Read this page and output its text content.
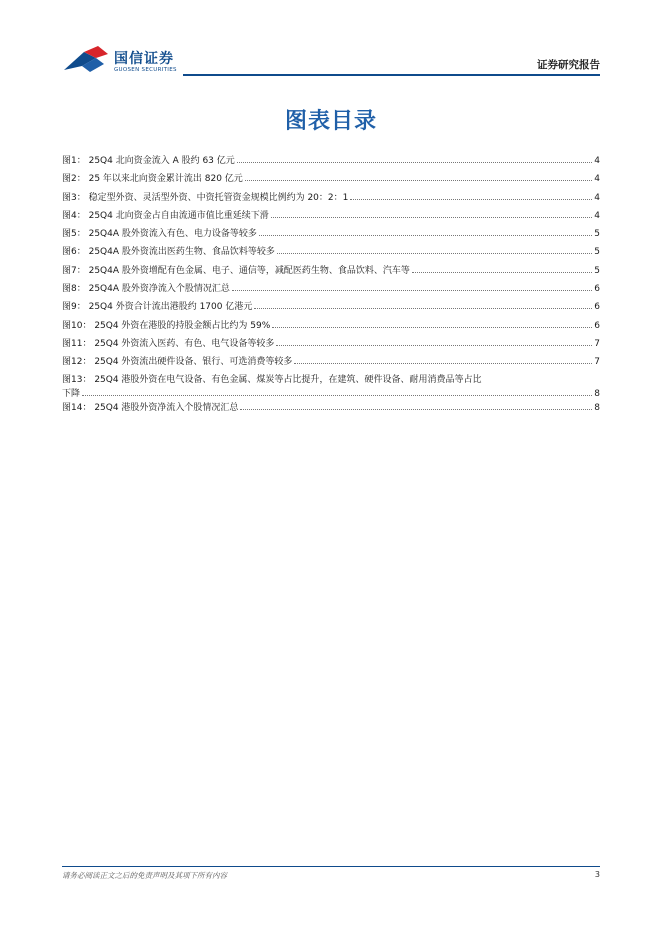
国信证券
GUOSEN SECURITIES	证券研究报告
图表目录
图1： 25Q4 北向资金流入 A 股约 63 亿元	4
图2： 25 年以来北向资金累计流出 820 亿元	4
图3： 稳定型外资、灵活型外资、中资托管资金规模比例约为 20：2：1	4
图4： 25Q4 北向资金占自由流通市值比重延续下滑	4
图5： 25Q4A 股外资流入有色、电力设备等较多	5
图6： 25Q4A 股外资流出医药生物、食品饮料等较多	5
图7： 25Q4A 股外资增配有色金属、电子、通信等，减配医药生物、食品饮料、汽车等	5
图8： 25Q4A 股外资净流入个股情况汇总	6
图9： 25Q4 外资合计流出港股约 1700 亿港元	6
图10： 25Q4 外资在港股的持股金额占比约为 59%	6
图11： 25Q4 外资流入医药、有色、电气设备等较多	7
图12： 25Q4 外资流出硬件设备、银行、可选消费等较多	7
图13： 25Q4 港股外资在电气设备、有色金属、煤炭等占比提升，在建筑、硬件设备、耐用消费品等占比
下降	8
图14： 25Q4 港股外资净流入个股情况汇总	8
请务必阅读正文之后的免责声明及其项下所有内容	3
